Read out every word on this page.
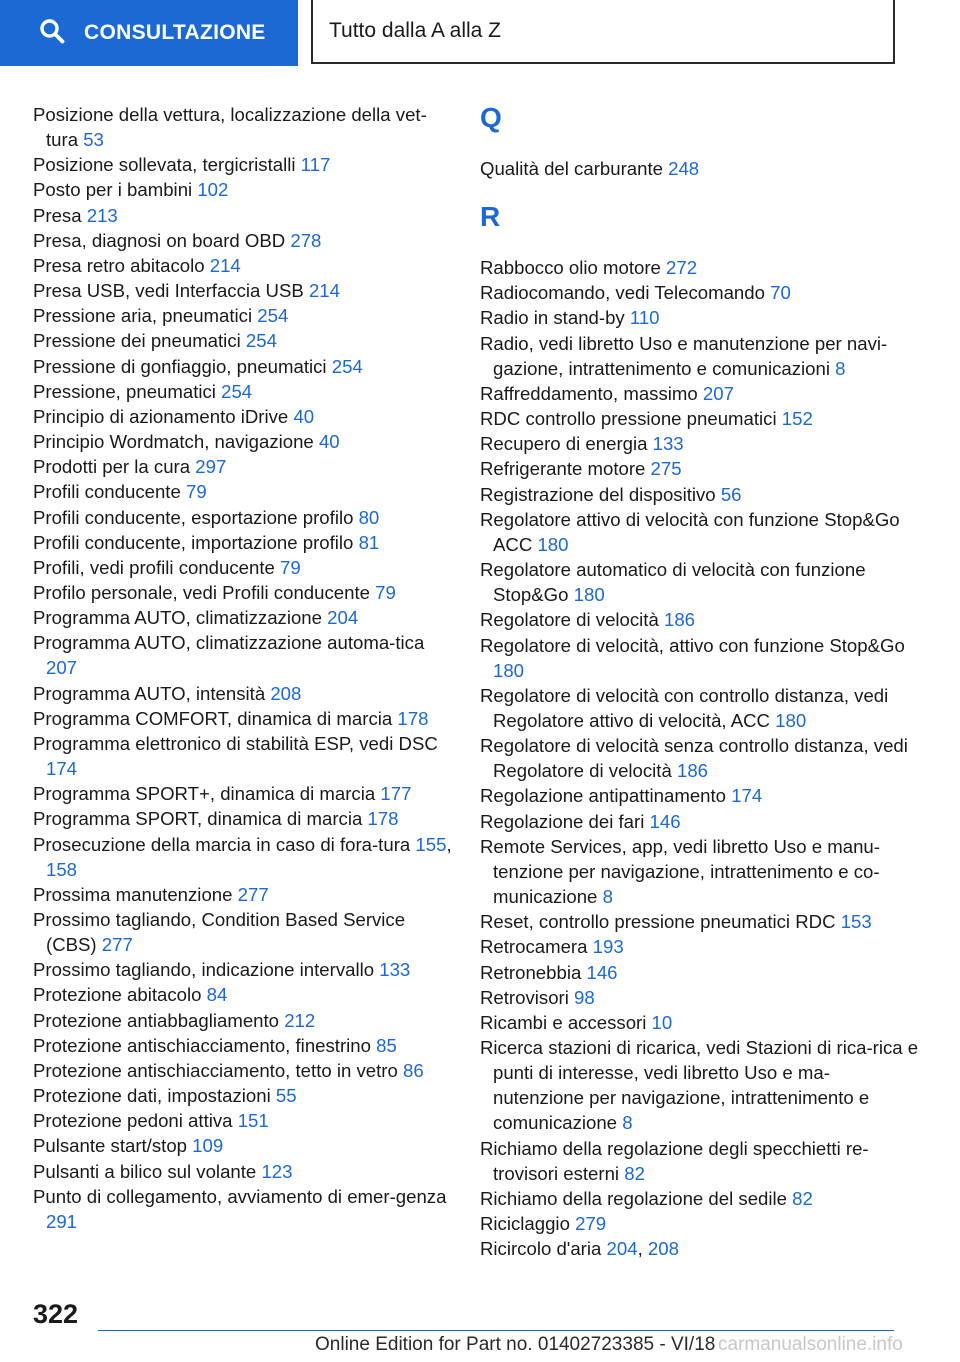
CONSULTAZIONE	Tutto dalla A alla Z
Posizione della vettura, localizzazione della vet-tura 53
Posizione sollevata, tergicristalli 117
Posto per i bambini 102
Presa 213
Presa, diagnosi on board OBD 278
Presa retro abitacolo 214
Presa USB, vedi Interfaccia USB 214
Pressione aria, pneumatici 254
Pressione dei pneumatici 254
Pressione di gonfiaggio, pneumatici 254
Pressione, pneumatici 254
Principio di azionamento iDrive 40
Principio Wordmatch, navigazione 40
Prodotti per la cura 297
Profili conducente 79
Profili conducente, esportazione profilo 80
Profili conducente, importazione profilo 81
Profili, vedi profili conducente 79
Profilo personale, vedi Profili conducente 79
Programma AUTO, climatizzazione 204
Programma AUTO, climatizzazione automa-tica 207
Programma AUTO, intensità 208
Programma COMFORT, dinamica di marcia 178
Programma elettronico di stabilità ESP, vedi DSC 174
Programma SPORT+, dinamica di marcia 177
Programma SPORT, dinamica di marcia 178
Prosecuzione della marcia in caso di fora-tura 155, 158
Prossima manutenzione 277
Prossimo tagliando, Condition Based Service (CBS) 277
Prossimo tagliando, indicazione intervallo 133
Protezione abitacolo 84
Protezione antiabbagliamento 212
Protezione antischiacciamento, finestrino 85
Protezione antischiacciamento, tetto in vetro 86
Protezione dati, impostazioni 55
Protezione pedoni attiva 151
Pulsante start/stop 109
Pulsanti a bilico sul volante 123
Punto di collegamento, avviamento di emer-genza 291
Q
Qualità del carburante 248
R
Rabbocco olio motore 272
Radiocomando, vedi Telecomando 70
Radio in stand-by 110
Radio, vedi libretto Uso e manutenzione per navi-gazione, intrattenimento e comunicazioni 8
Raffreddamento, massimo 207
RDC controllo pressione pneumatici 152
Recupero di energia 133
Refrigerante motore 275
Registrazione del dispositivo 56
Regolatore attivo di velocità con funzione Stop&Go ACC 180
Regolatore automatico di velocità con funzione Stop&Go 180
Regolatore di velocità 186
Regolatore di velocità, attivo con funzione Stop&Go 180
Regolatore di velocità con controllo distanza, vedi Regolatore attivo di velocità, ACC 180
Regolatore di velocità senza controllo distanza, vedi Regolatore di velocità 186
Regolazione antipattinamento 174
Regolazione dei fari 146
Remote Services, app, vedi libretto Uso e manu-tenzione per navigazione, intrattenimento e co-municazione 8
Reset, controllo pressione pneumatici RDC 153
Retrocamera 193
Retronebbia 146
Retrovisori 98
Ricambi e accessori 10
Ricerca stazioni di ricarica, vedi Stazioni di rica-rica e punti di interesse, vedi libretto Uso e ma-nutenzione per navigazione, intrattenimento e comunicazione 8
Richiamo della regolazione degli specchietti re-trovisori esterni 82
Richiamo della regolazione del sedile 82
Riciclaggio 279
Ricircolo d'aria 204, 208
322
Online Edition for Part no. 01402723385 - VI/18 carmanualsonline.info
